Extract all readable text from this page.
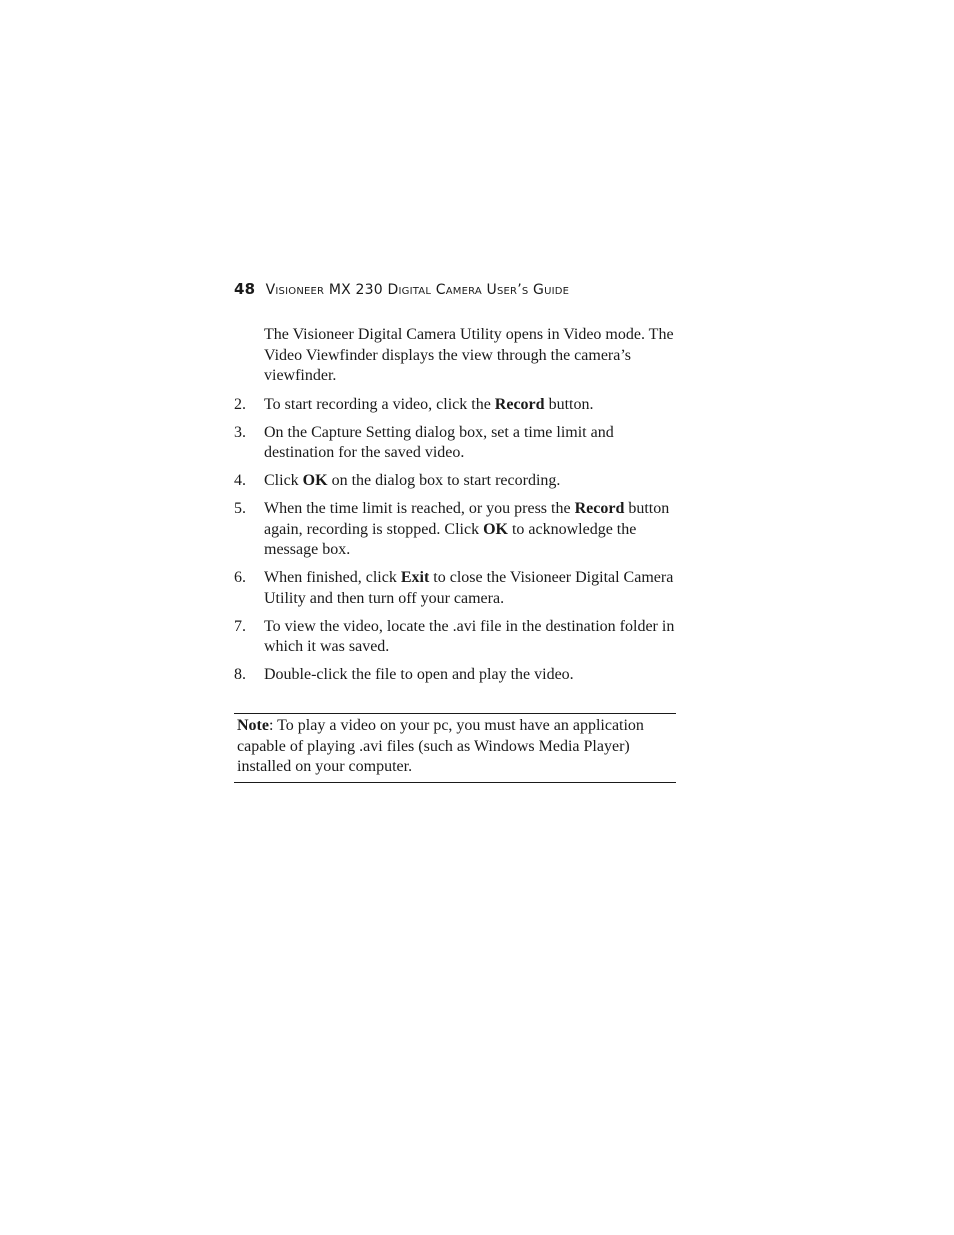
48 Visioneer MX 230 Digital Camera User’s Guide

The Visioneer Digital Camera Utility opens in Video mode. The Video Viewfinder displays the view through the camera’s viewfinder.

2.	To start recording a video, click the Record button.
3.	On the Capture Setting dialog box, set a time limit and destination for the saved video.
4.	Click OK on the dialog box to start recording.
5.	When the time limit is reached, or you press the Record button again, recording is stopped. Click OK to acknowledge the message box.
6.	When finished, click Exit to close the Visioneer Digital Camera Utility and then turn off your camera.
7.	To view the video, locate the .avi file in the destination folder in which it was saved.
8.	Double-click the file to open and play the video.
Note: To play a video on your pc, you must have an application capable of playing .avi files (such as Windows Media Player) installed on your computer.
